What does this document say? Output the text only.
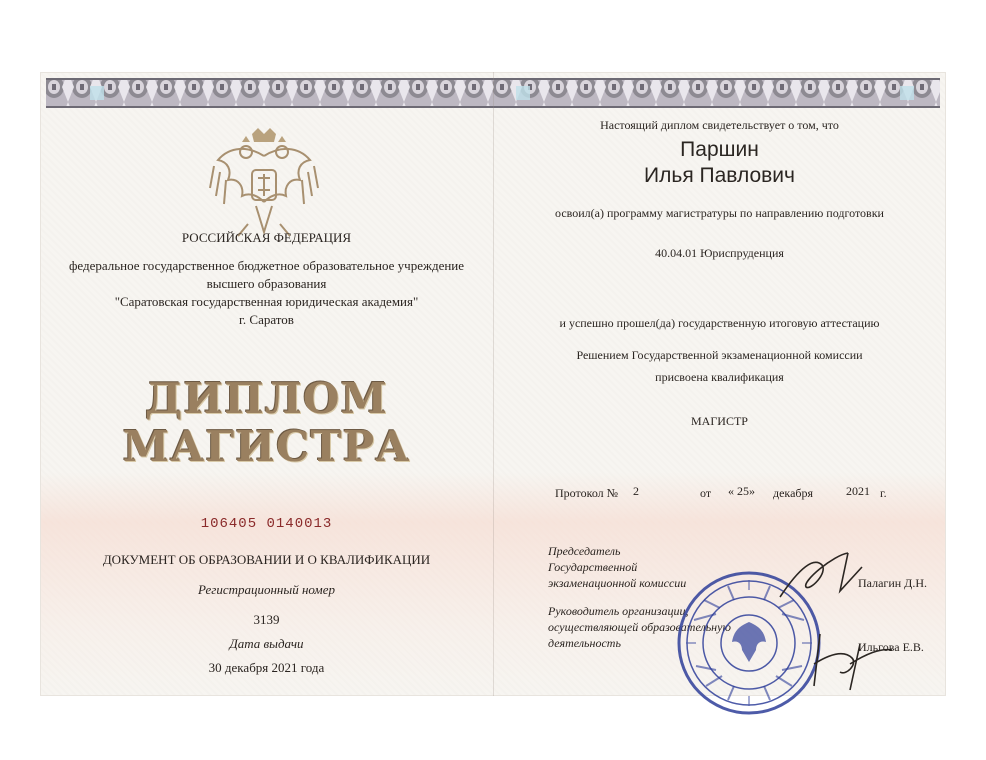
РОССИЙСКАЯ ФЕДЕРАЦИЯ

федеральное государственное бюджетное образовательное учреждение

высшего образования

"Саратовская государственная юридическая академия"

г. Саратов

ДИПЛОМ

МАГИСТРА

106405 0140013

ДОКУМЕНТ ОБ ОБРАЗОВАНИИ И О КВАЛИФИКАЦИИ

Регистрационный номер

3139

Дата выдачи

30 декабря 2021 года

Настоящий диплом свидетельствует о том, что

Паршин

Илья Павлович

освоил(а) программу магистратуры по направлению подготовки

40.04.01 Юриспруденция

и успешно прошел(да) государственную итоговую аттестацию

Решением Государственной экзаменационной комиссии

присвоена квалификация

МАГИСТР

Протокол № 2	от « 25» декабря	2021 г.

Председатель

Государственной

экзаменационной комиссии	Палагин Д.Н.

Руководитель организации,

осуществляющей образовательную

деятельность	Ильгова Е.В.
